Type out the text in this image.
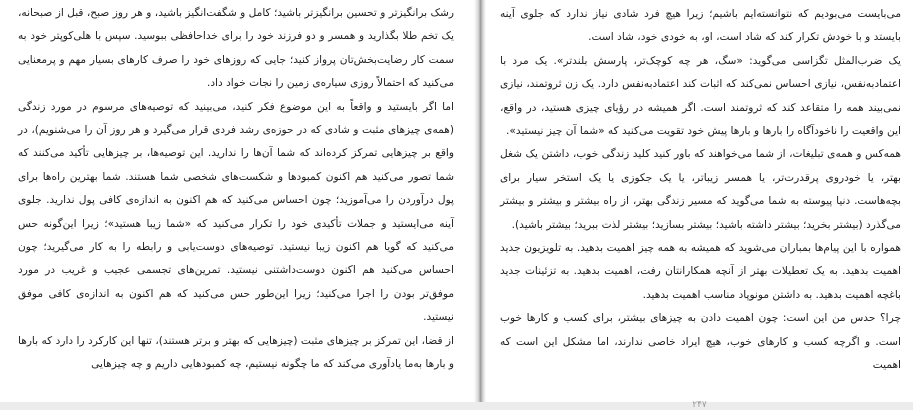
رشک برانگیزتر و تحسین برانگیزتر باشید؛ کامل و شگفت‌انگیز باشید، و هر روز صبح، قبل از صبحانه، یک تخم طلا بگذارید و همسر و دو فرزند خود را برای خداحافظی ببوسید. سپس با هلی‌کوپتر خود به سمت کار رضایت‌بخش‌تان پرواز کنید؛ جایی که روزهای خود را صرف کارهای بسیار مهم و پرمعنایی می‌کنید که احتمالاً روزی سیاره‌ی زمین را نجات خواد داد.

اما اگر بایستید و واقعاً به این موضوع فکر کنید، می‌بینید که توصیه‌های مرسوم در مورد زندگی (همه‌ی چیزهای مثبت و شادی که در حوزه‌ی رشد فردی قرار می‌گیرد و هر روز آن را می‌شنویم)، در واقع بر چیزهایی تمرکز کرده‌اند که شما آن‌ها را ندارید. این توصیه‌ها، بر چیزهایی تأکید می‌کنند که شما تصور می‌کنید هم اکنون کمبودها و شکست‌های شخصی شما هستند. شما بهترین راه‌ها برای پول درآوردن را می‌آموزید؛ چون احساس می‌کنید که هم اکنون به اندازه‌ی کافی پول ندارید. جلوی آینه می‌ایستید و جملات تأکیدی خود را تکرار می‌کنید که «شما زیبا هستید»؛ زیرا این‌گونه حس می‌کنید که گویا هم اکنون زیبا نیستید. توصیه‌های دوست‌یابی و رابطه را به کار می‌گیرید؛ چون احساس می‌کنید هم اکنون دوست‌داشتنی نیستید. تمرین‌های تجسمی عجیب و غریب در مورد موفق‌تر بودن را اجرا می‌کنید؛ زیرا این‌طور حس می‌کنید که هم اکنون به اندازه‌ی کافی موفق نیستید.

از قضا، این تمرکز بر چیزهای مثبت (چیزهایی که بهتر و برتر هستند)، تنها این کارکرد را دارد که بارها و بارها به‌ما یادآوری می‌کند که ما چگونه نیستیم، چه کمبودهایی داریم و چه چیزهایی

می‌بایست می‌بودیم که نتوانسته‌ایم باشیم؛ زیرا هیچ فرد شادی نیاز ندارد که جلوی آینه بایستد و با خودش تکرار کند که شاد است، او، به خودی خود، شاد است.

یک ضرب‌المثل تگزاسی می‌گوید: «سگ، هر چه کوچک‌تر، پارسش بلندتر». یک مرد با اعتماد‌به‌نفس، نیازی احساس نمی‌کند که اثبات کند اعتماد‌به‌نفس دارد. یک زن ثروتمند، نیازی نمی‌بیند همه را متقاعد کند که ثروتمند است. اگر همیشه در رؤیای چیزی هستید، در واقع، این واقعیت را ناخودآگاه را بارها و بارها پیش خود تقویت می‌کنید که «شما آن چیز نیستید».

همه‌کس و همه‌ی تبلیغات، از شما می‌خواهند که باور کنید کلید زندگی خوب، داشتن یک شغل بهتر، یا خودروی پرقدرت‌تر، یا همسر زیباتر، یا یک جکوزی یا یک استخر سیار برای بچه‌هاست. دنیا پیوسته به شما می‌گوید که مسیر زندگی بهتر، از راه بیشتر و بیشتر و بیشتر می‌گذرد (بیشتر بخرید؛ بیشتر داشته باشید؛ بیشتر بسازید؛ بیشتر لذت ببرید؛ بیشتر باشید).

همواره با این پیام‌ها بمباران می‌شوید که همیشه به همه چیز اهمیت بدهید. به تلویزیون جدید اهمیت بدهید. به یک تعطیلات بهتر از آنچه همکارانتان رفت، اهمیت بدهید. به تزئینات جدید باغچه اهمیت بدهید. به داشتن مونوپاد مناسب اهمیت بدهید.

چرا؟ حدس من این است: چون اهمیت دادن به چیزهای بیشتر، برای کسب و کارها خوب است. و اگرچه کسب و کارهای خوب، هیچ ایراد خاصی ندارند، اما مشکل این است که اهمیت

۲۴۷
